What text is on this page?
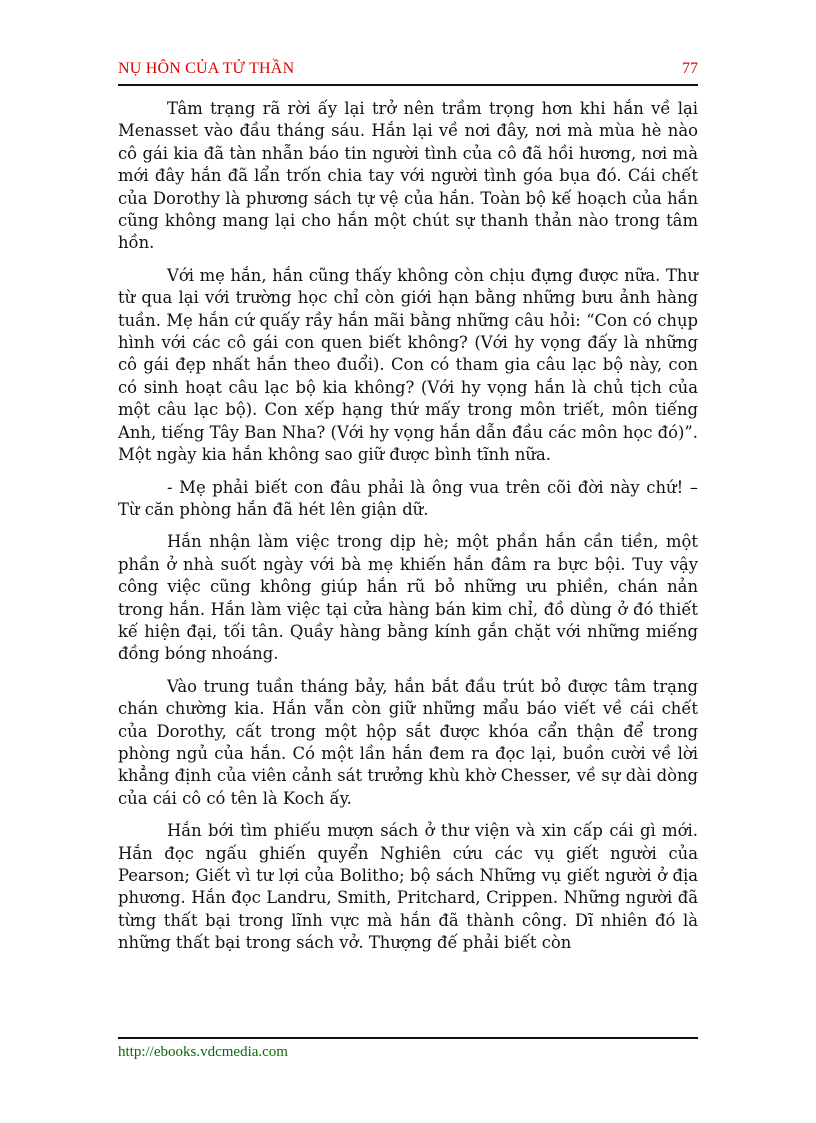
NỤ HÔN CỦA TỬ THẦN	77

Tâm trạng rã rời ấy lại trở nên trầm trọng hơn khi hắn về lại Menasset vào đầu tháng sáu. Hắn lại về nơi đây, nơi mà mùa hè nào cô gái kia đã tàn nhẫn báo tin người tình của cô đã hồi hương, nơi mà mới đây hắn đã lẩn trốn chia tay với người tình góa bụa đó. Cái chết của Dorothy là phương sách tự vệ của hắn. Toàn bộ kế hoạch của hắn cũng không mang lại cho hắn một chút sự thanh thản nào trong tâm hồn.

Với mẹ hắn, hắn cũng thấy không còn chịu đựng được nữa. Thư từ qua lại với trường học chỉ còn giới hạn bằng những bưu ảnh hàng tuần. Mẹ hắn cứ quấy rầy hắn mãi bằng những câu hỏi: “Con có chụp hình với các cô gái con quen biết không? (Với hy vọng đấy là những cô gái đẹp nhất hắn theo đuổi). Con có tham gia câu lạc bộ này, con có sinh hoạt câu lạc bộ kia không? (Với hy vọng hắn là chủ tịch của một câu lạc bộ). Con xếp hạng thứ mấy trong môn triết, môn tiếng Anh, tiếng Tây Ban Nha? (Với hy vọng hắn dẫn đầu các môn học đó)”. Một ngày kia hắn không sao giữ được bình tĩnh nữa.

- Mẹ phải biết con đâu phải là ông vua trên cõi đời này chứ! – Từ căn phòng hắn đã hét lên giận dữ.

Hắn nhận làm việc trong dịp hè; một phần hắn cần tiền, một phần ở nhà suốt ngày với bà mẹ khiến hắn đâm ra bực bội. Tuy vậy công việc cũng không giúp hắn rũ bỏ những ưu phiền, chán nản trong hắn. Hắn làm việc tại cửa hàng bán kim chỉ, đồ dùng ở đó thiết kế hiện đại, tối tân. Quầy hàng bằng kính gắn chặt với những miếng đồng bóng nhoáng.

Vào trung tuần tháng bảy, hắn bắt đầu trút bỏ được tâm trạng chán chường kia. Hắn vẫn còn giữ những mẩu báo viết về cái chết của Dorothy, cất trong một hộp sắt được khóa cẩn thận để trong phòng ngủ của hắn. Có một lần hắn đem ra đọc lại, buồn cười về lời khẳng định của viên cảnh sát trưởng khù khờ Chesser, về sự dài dòng của cái cô có tên là Koch ấy.

Hắn bới tìm phiếu mượn sách ở thư viện và xin cấp cái gì mới. Hắn đọc ngấu ghiến quyển Nghiên cứu các vụ giết người của Pearson; Giết vì tư lợi của Bolitho; bộ sách Những vụ giết người ở địa phương. Hắn đọc Landru, Smith, Pritchard, Crippen. Những người đã từng thất bại trong lĩnh vực mà hắn đã thành công. Dĩ nhiên đó là những thất bại trong sách vở. Thượng đế phải biết còn

http://ebooks.vdcmedia.com
